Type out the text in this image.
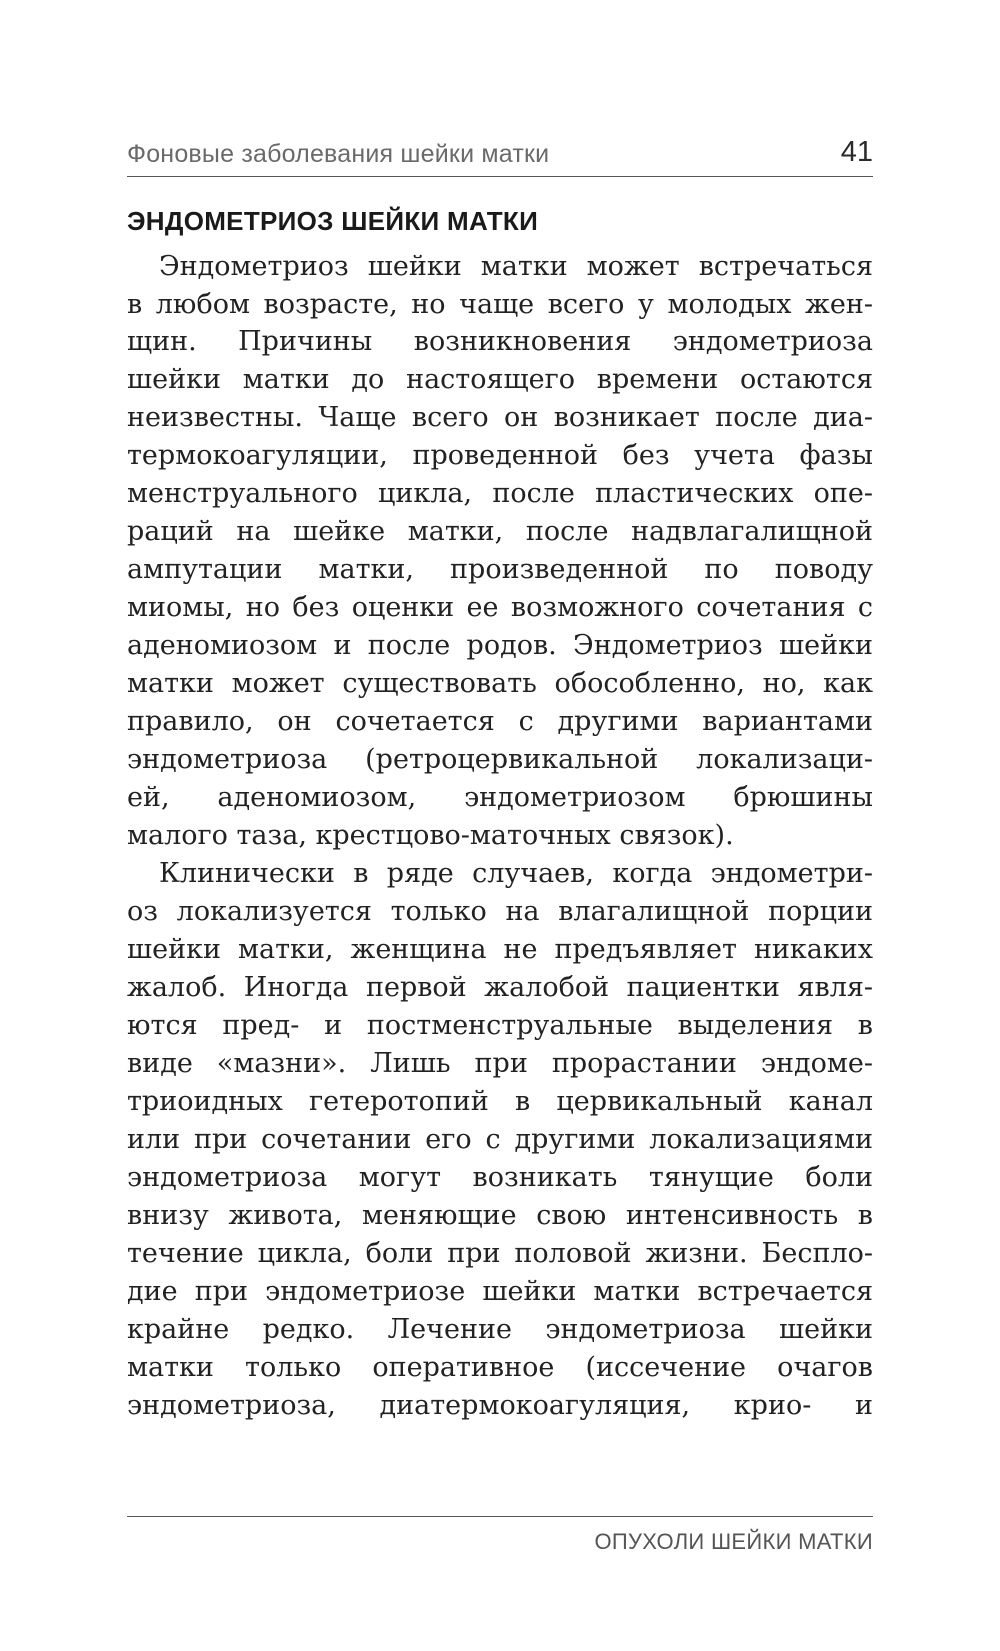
Фоновые заболевания шейки матки	41
ЭНДОМЕТРИОЗ ШЕЙКИ МАТКИ
Эндометриоз шейки матки может встречаться
в любом возрасте, но чаще всего у молодых жен-
щин. Причины возникновения эндометриоза
шейки матки до настоящего времени остаются
неизвестны. Чаще всего он возникает после диа-
термокоагуляции, проведенной без учета фазы
менструального цикла, после пластических опе-
раций на шейке матки, после надвлагалищной
ампутации матки, произведенной по поводу
миомы, но без оценки ее возможного сочетания с
аденомиозом и после родов. Эндометриоз шейки
матки может существовать обособленно, но, как
правило, он сочетается с другими вариантами
эндометриоза (ретроцервикальной локализаци-
ей, аденомиозом, эндометриозом брюшины
малого таза, крестцово-маточных связок).
Клинически в ряде случаев, когда эндометри-
оз локализуется только на влагалищной порции
шейки матки, женщина не предъявляет никаких
жалоб. Иногда первой жалобой пациентки явля-
ются пред- и постменструальные выделения в
виде «мазни». Лишь при прорастании эндоме-
триоидных гетеротопий в цервикальный канал
или при сочетании его с другими локализациями
эндометриоза могут возникать тянущие боли
внизу живота, меняющие свою интенсивность в
течение цикла, боли при половой жизни. Беспло-
дие при эндометриозе шейки матки встречается
крайне редко. Лечение эндометриоза шейки
матки только оперативное (иссечение очагов
эндометриоза, диатермокоагуляция, крио- и
ОПУХОЛИ ШЕЙКИ МАТКИ
